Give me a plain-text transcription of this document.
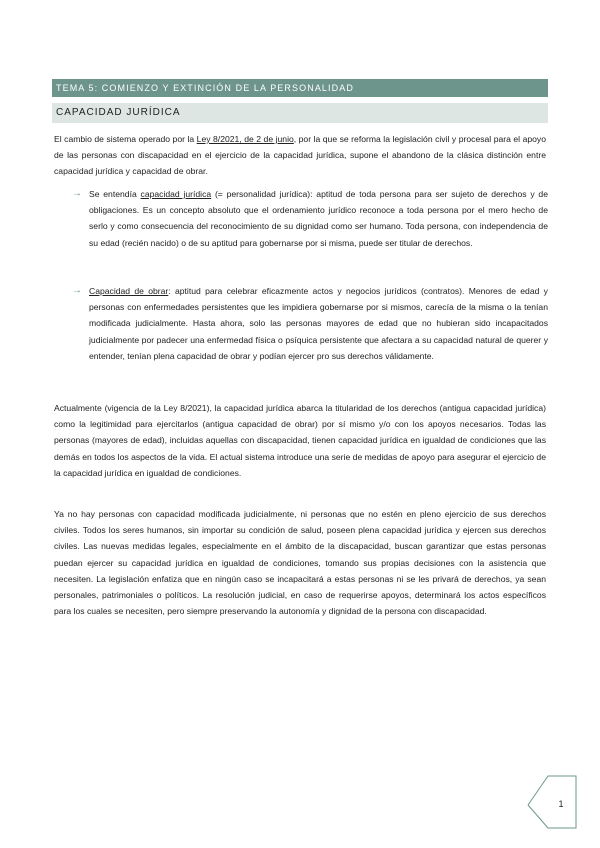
TEMA 5: COMIENZO Y EXTINCIÓN DE LA PERSONALIDAD
CAPACIDAD JURÍDICA

El cambio de sistema operado por la Ley 8/2021, de 2 de junio, por la que se reforma la legislación civil y procesal para el apoyo de las personas con discapacidad en el ejercicio de la capacidad jurídica, supone el abandono de la clásica distinción entre capacidad jurídica y capacidad de obrar.

→ Se entendía capacidad jurídica (= personalidad jurídica): aptitud de toda persona para ser sujeto de derechos y de obligaciones. Es un concepto absoluto que el ordenamiento jurídico reconoce a toda persona por el mero hecho de serlo y como consecuencia del reconocimiento de su dignidad como ser humano. Toda persona, con independencia de su edad (recién nacido) o de su aptitud para gobernarse por si misma, puede ser titular de derechos.

→ Capacidad de obrar: aptitud para celebrar eficazmente actos y negocios jurídicos (contratos). Menores de edad y personas con enfermedades persistentes que les impidiera gobernarse por si mismos, carecía de la misma o la tenían modificada judicialmente. Hasta ahora, solo las personas mayores de edad que no hubieran sido incapacitados judicialmente por padecer una enfermedad física o psíquica persistente que afectara a su capacidad natural de querer y entender, tenían plena capacidad de obrar y podían ejercer pro sus derechos válidamente.

Actualmente (vigencia de la Ley 8/2021), la capacidad jurídica abarca la titularidad de los derechos (antigua capacidad jurídica) como la legitimidad para ejercitarlos (antigua capacidad de obrar) por sí mismo y/o con los apoyos necesarios. Todas las personas (mayores de edad), incluidas aquellas con discapacidad, tienen capacidad jurídica en igualdad de condiciones que las demás en todos los aspectos de la vida. El actual sistema introduce una serie de medidas de apoyo para asegurar el ejercicio de la capacidad jurídica en igualdad de condiciones.

Ya no hay personas con capacidad modificada judicialmente, ni personas que no estén en pleno ejercicio de sus derechos civiles. Todos los seres humanos, sin importar su condición de salud, poseen plena capacidad jurídica y ejercen sus derechos civiles. Las nuevas medidas legales, especialmente en el ámbito de la discapacidad, buscan garantizar que estas personas puedan ejercer su capacidad jurídica en igualdad de condiciones, tomando sus propias decisiones con la asistencia que necesiten. La legislación enfatiza que en ningún caso se incapacitará a estas personas ni se les privará de derechos, ya sean personales, patrimoniales o políticos. La resolución judicial, en caso de requerirse apoyos, determinará los actos específicos para los cuales se necesiten, pero siempre preservando la autonomía y dignidad de la persona con discapacidad.

1
